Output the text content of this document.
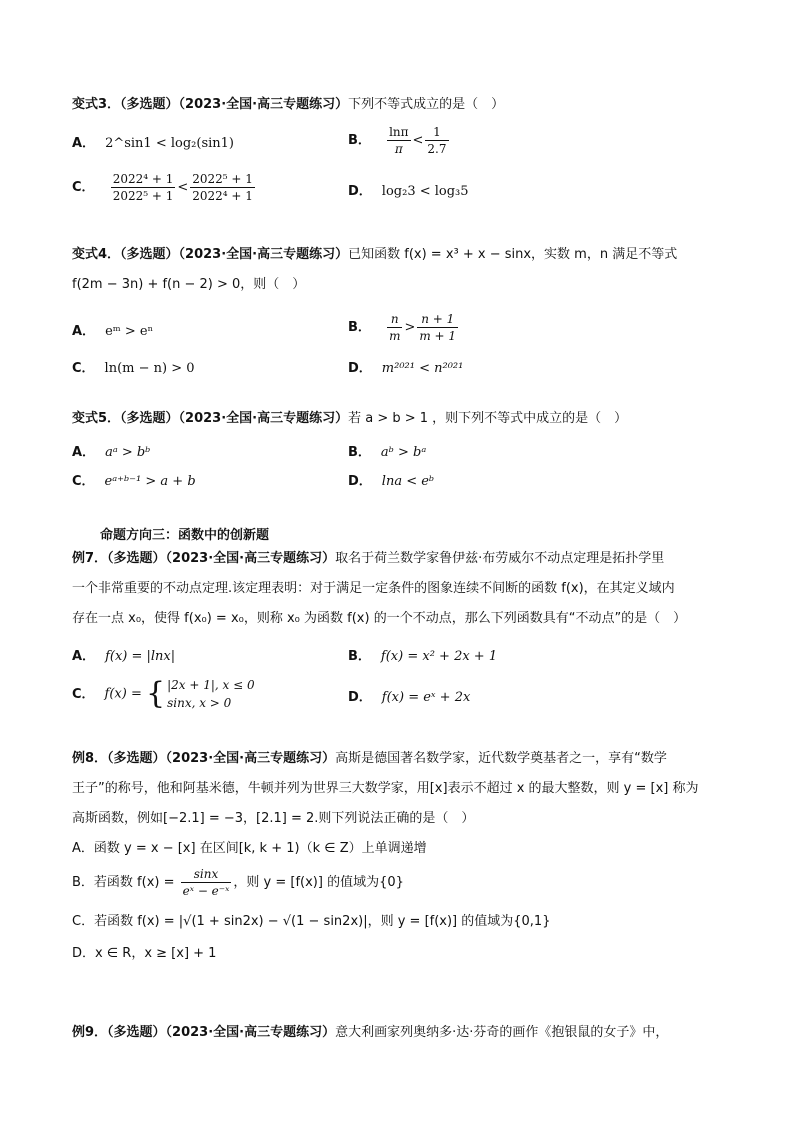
变式3．（多选题）（2023·全国·高三专题练习）下列不等式成立的是（　）
A． 2^sin1 < log₂(sin1)	B． $\frac{\ln\pi}{\pi} < \frac{1}{2.7}$
C． $\frac{\text{2022⁴ + 1}}{\text{2022⁵ + 1}} < \frac{\text{2022⁵ + 1}}{\text{2022⁴ + 1}}$	D． log₂3 < log₃5
变式4．（多选题）（2023·全国·高三专题练习）已知函数 f(x) = x³ + x − sinx，实数 m，n 满足不等式
f(2m − 3n) + f(n − 2) > 0，则（　）
A． eᵐ > eⁿ	B． $\frac{n}{m} > \frac{n + 1}{m + 1}$
C． ln(m − n) > 0	D． m²⁰²¹ < n²⁰²¹
变式5．（多选题）（2023·全国·高三专题练习）若 a > b > 1 ，则下列不等式中成立的是（　）
A． aᵃ > bᵇ	B． aᵇ > bᵃ
C． eᵃ⁺ᵇ⁻¹ > a + b	D． lna < eᵇ
命题方向三：函数中的创新题
例7．（多选题）（2023·全国·高三专题练习）取名于荷兰数学家鲁伊兹·布劳威尔不动点定理是拓扑学里
一个非常重要的不动点定理.该定理表明：对于满足一定条件的图象连续不间断的函数 f(x)，在其定义域内
存在一点 x₀，使得 f(x₀) = x₀，则称 x₀ 为函数 f(x) 的一个不动点，那么下列函数具有“不动点”的是（　）
A． f(x) = |lnx|	B． f(x) = x² + 2x + 1
C． f(x) = { |2x + 1|, x ≤ 0
sinx, x > 0	D． f(x) = eˣ + 2x
例8．（多选题）（2023·全国·高三专题练习）高斯是德国著名数学家，近代数学奠基者之一，享有“数学
王子”的称号，他和阿基米德，牛顿并列为世界三大数学家，用[x]表示不超过 x 的最大整数，则 y = [x] 称为
高斯函数，例如[−2.1] = −3，[2.1] = 2.则下列说法正确的是（　）
A．函数 y = x − [x] 在区间[k, k + 1)（k ∈ Z）上单调递增
B．若函数 $f(x) = \frac{\sin x}{\text{eˣ − e⁻ˣ}}$ ，则 y = [f(x)] 的值域为{0}
C．若函数 f(x) = |√(1 + sin2x) − √(1 − sin2x)|，则 y = [f(x)] 的值域为{0,1}
D．x ∈ R，x ≥ [x] + 1
例9．（多选题）（2023·全国·高三专题练习）意大利画家列奥纳多·达·芬奇的画作《抱银鼠的女子》中，
